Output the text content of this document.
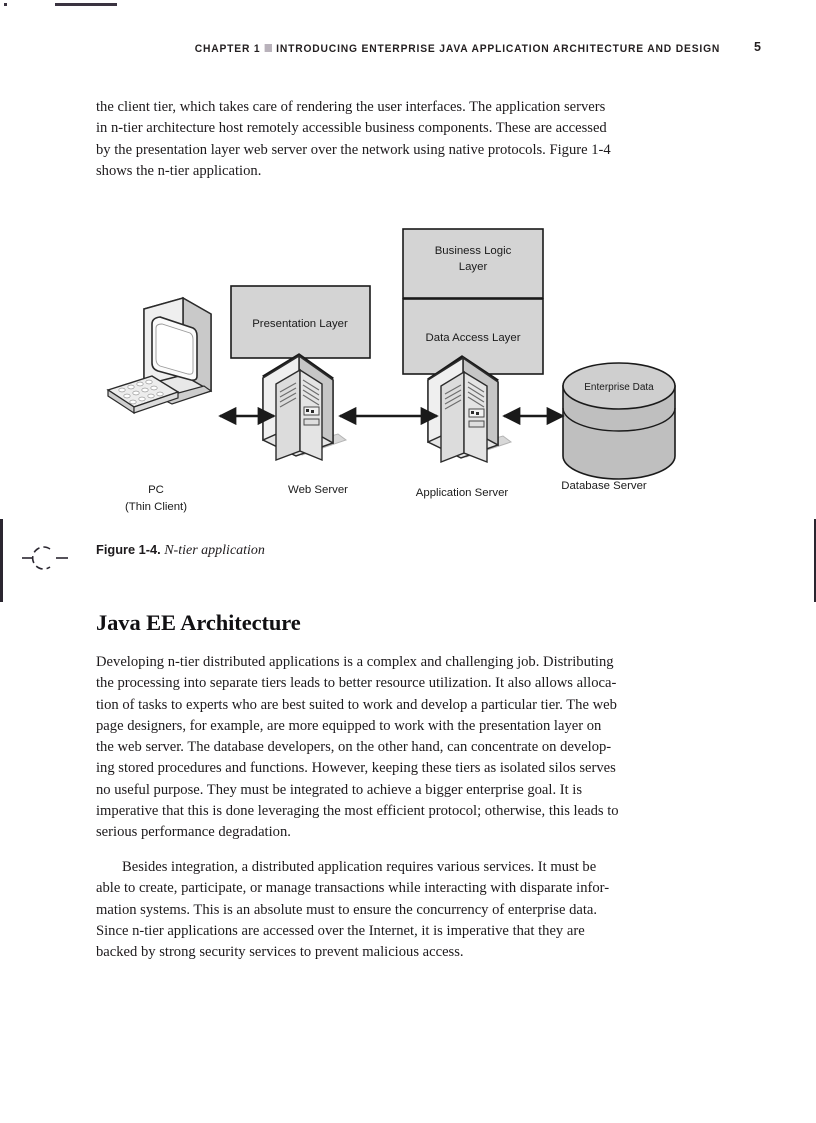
CHAPTER 1 INTRODUCING ENTERPRISE JAVA APPLICATION ARCHITECTURE AND DESIGN	5
the client tier, which takes care of rendering the user interfaces. The application servers
in n-tier architecture host remotely accessible business components. These are accessed
by the presentation layer web server over the network using native protocols. Figure 1-4
shows the n-tier application.
Business Logic
Layer
Data Access Layer
Presentation Layer
Enterprise Data
PC
(Thin Client)
Web Server	Application Server
Database Server
Figure 1-4. N-tier application
Java EE Architecture
Developing n-tier distributed applications is a complex and challenging job. Distributing
the processing into separate tiers leads to better resource utilization. It also allows alloca-
tion of tasks to experts who are best suited to work and develop a particular tier. The web
page designers, for example, are more equipped to work with the presentation layer on
the web server. The database developers, on the other hand, can concentrate on develop-
ing stored procedures and functions. However, keeping these tiers as isolated silos serves
no useful purpose. They must be integrated to achieve a bigger enterprise goal. It is
imperative that this is done leveraging the most efficient protocol; otherwise, this leads to
serious performance degradation.
Besides integration, a distributed application requires various services. It must be
able to create, participate, or manage transactions while interacting with disparate infor-
mation systems. This is an absolute must to ensure the concurrency of enterprise data.
Since n-tier applications are accessed over the Internet, it is imperative that they are
backed by strong security services to prevent malicious access.
